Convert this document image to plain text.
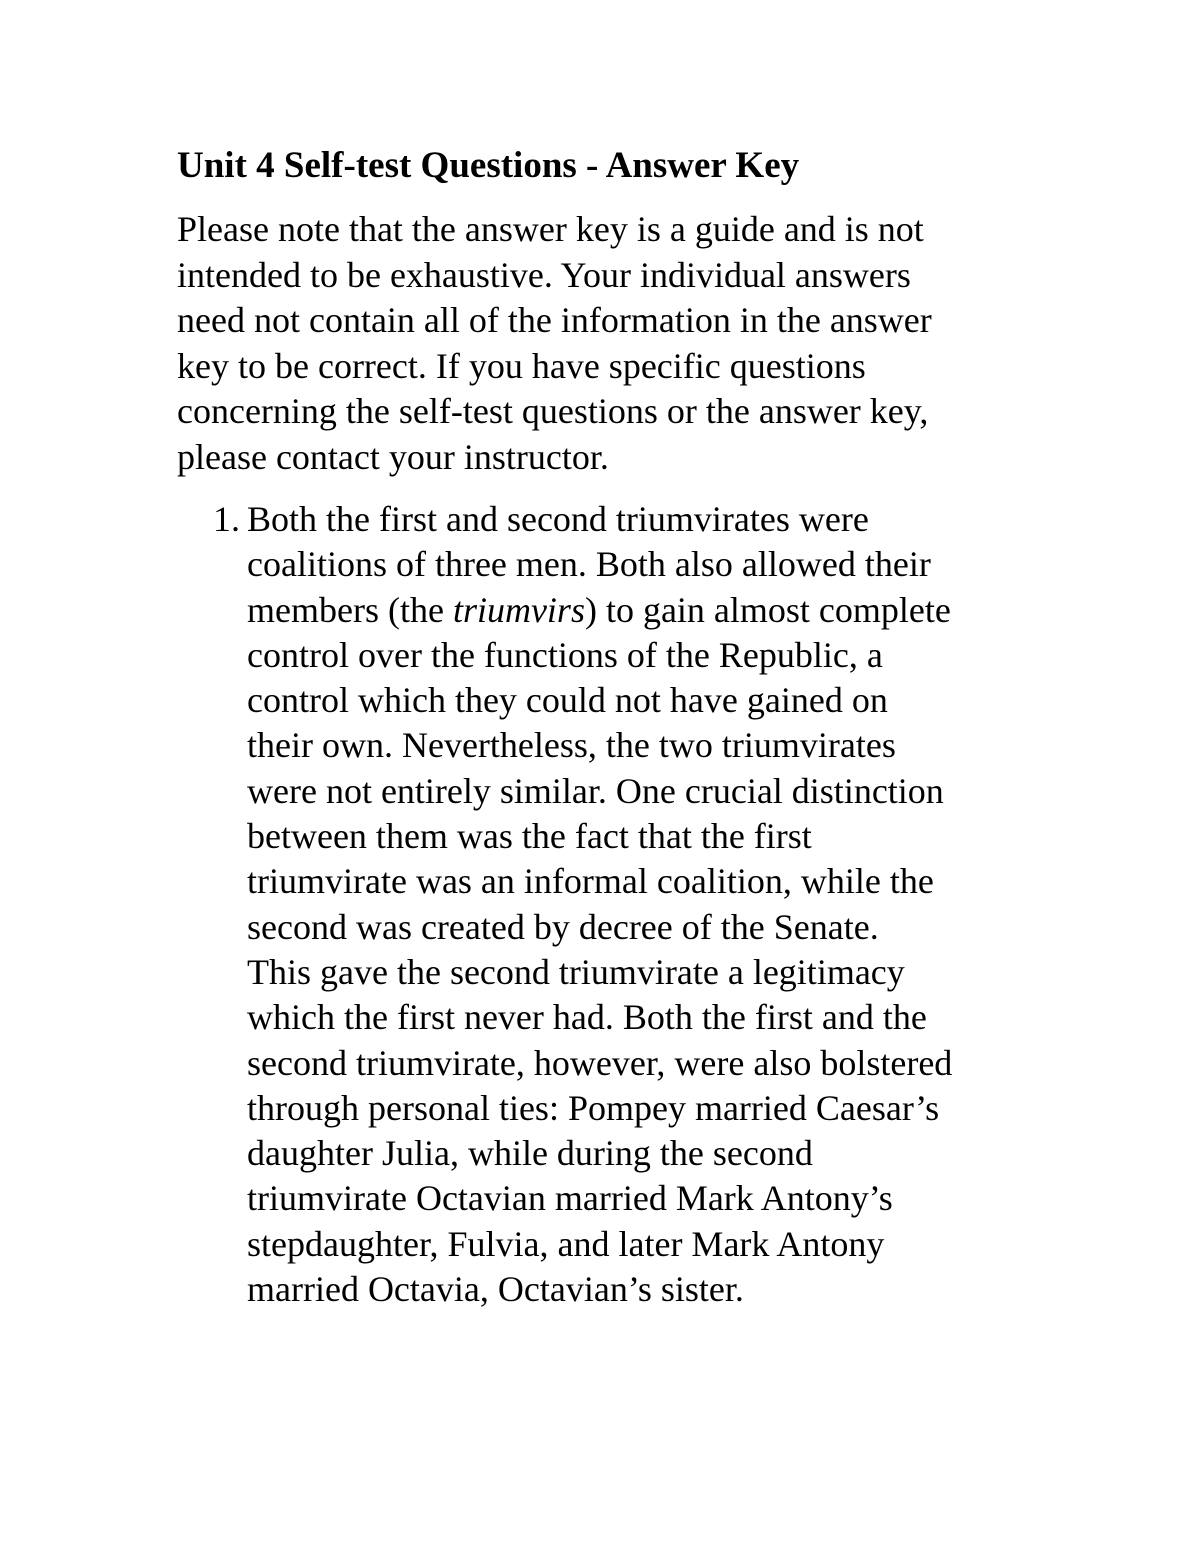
Unit 4 Self-test Questions - Answer Key
Please note that the answer key is a guide and is not
intended to be exhaustive. Your individual answers
need not contain all of the information in the answer
key to be correct. If you have specific questions
concerning the self-test questions or the answer key,
please contact your instructor.
1. Both the first and second triumvirates were
coalitions of three men. Both also allowed their
members (the triumvirs) to gain almost complete
control over the functions of the Republic, a
control which they could not have gained on
their own. Nevertheless, the two triumvirates
were not entirely similar. One crucial distinction
between them was the fact that the first
triumvirate was an informal coalition, while the
second was created by decree of the Senate.
This gave the second triumvirate a legitimacy
which the first never had. Both the first and the
second triumvirate, however, were also bolstered
through personal ties: Pompey married Caesar’s
daughter Julia, while during the second
triumvirate Octavian married Mark Antony’s
stepdaughter, Fulvia, and later Mark Antony
married Octavia, Octavian’s sister.
